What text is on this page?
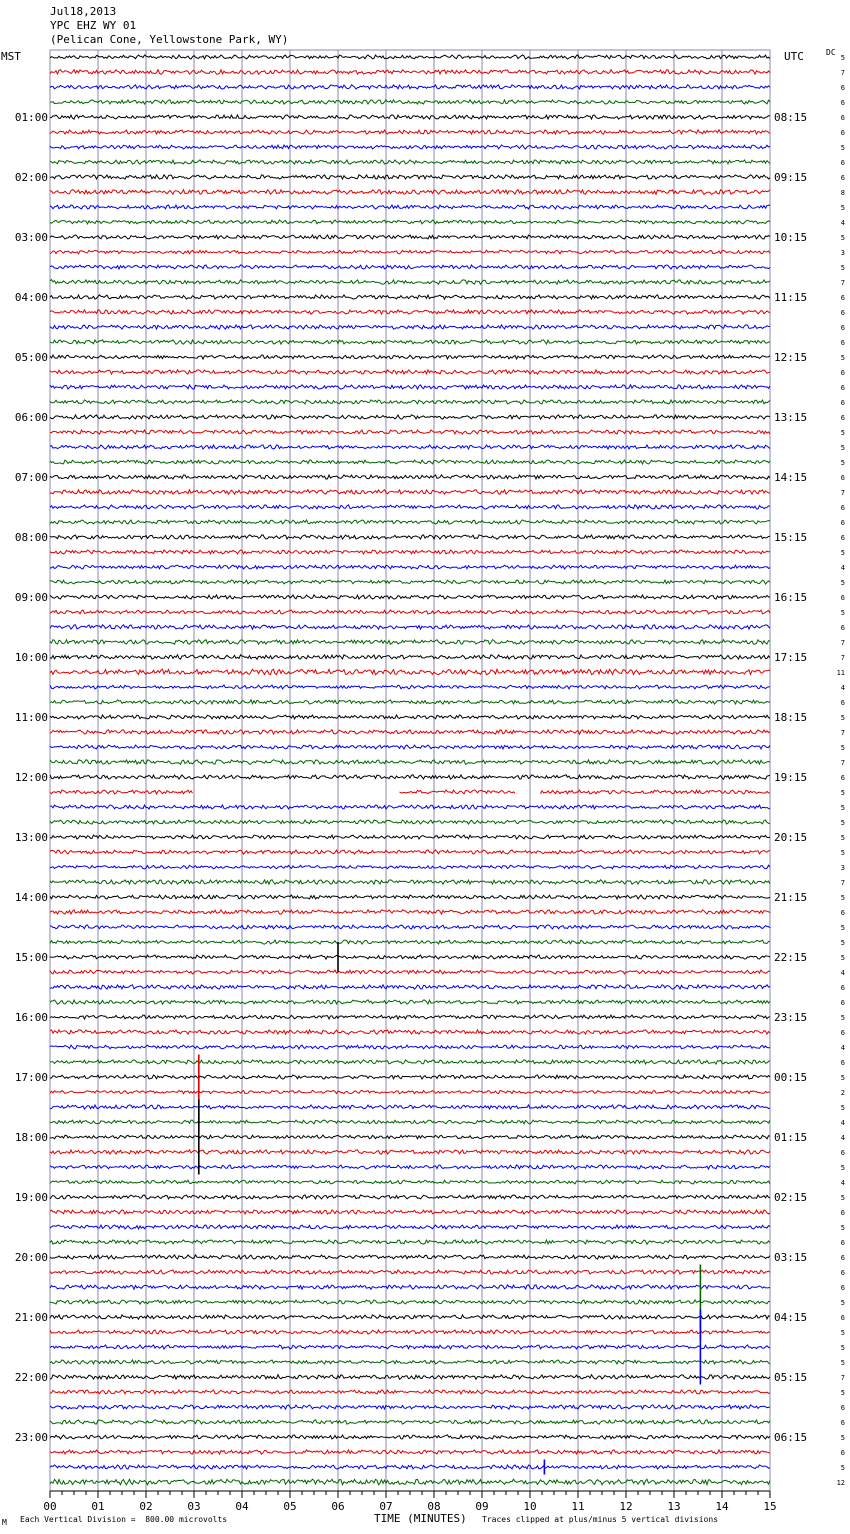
Jul18,2013
YPC EHZ WY 01
(Pelican Cone, Yellowstone Park, WY)
MST	UTC	DC
01:00
02:00
03:00
04:00
05:00
06:00
07:00
08:00
09:00
10:00
11:00
12:00
13:00
14:00
15:00
16:00
17:00
18:00
19:00
20:00
21:00
22:00
23:00
08:15
09:15
10:15
11:15
12:15
13:15
14:15
15:15
16:15
17:15
18:15
19:15
20:15
21:15
22:15
23:15
00:15
01:15
02:15
03:15
04:15
05:15
06:15
5
7
6
6
6
6
5
6
6
8
5
4
5
3
5
7
6
6
6
6
5
6
6
6
6
5
5
5
6
7
6
6
6
5
4
5
6
5
6
7
7
11
4
6
5
7
5
7
6
5
5
5
5
5
3
7
5
6
5
5
5
4
6
6
5
6
4
6
5
2
5
4
4
6
5
4
5
6
5
6
6
6
6
5
6
5
5
5
7
5
6
6
5
6
5
12
00	01	02	03	04	05	06	07	08	09	10	11	12	13	14	15
M Each Vertical Division =  800.00 microvolts	TIME (MINUTES) Traces clipped at plus/minus 5 vertical divisions
